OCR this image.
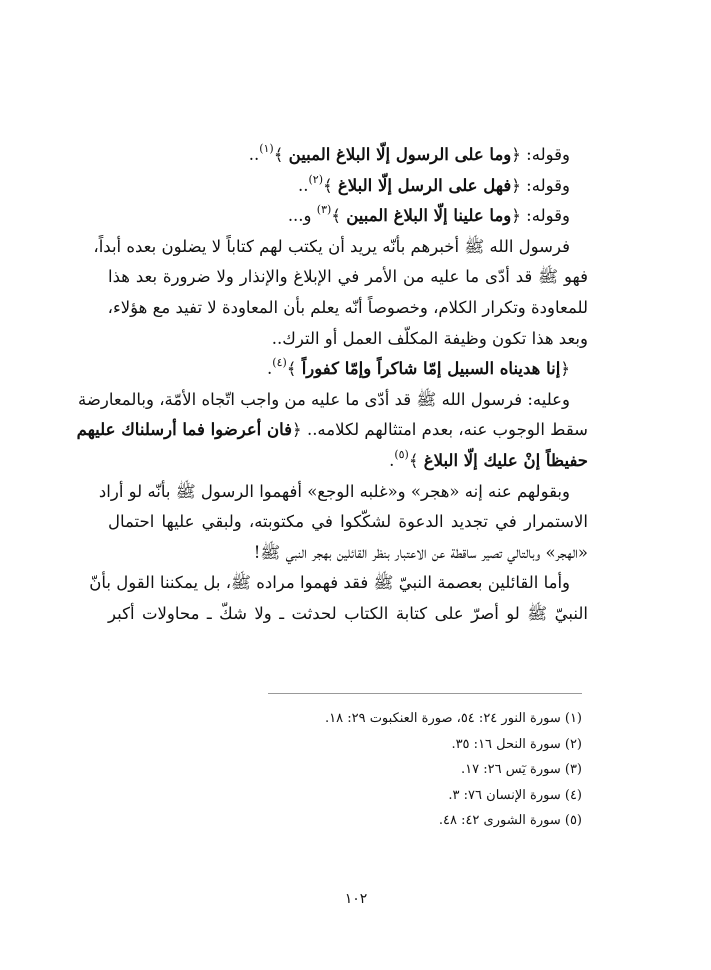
وقوله: ﴿وما على الرسول إلّا البلاغ المبين ﴾$^{(١)}$..
وقوله: ﴿فهل على الرسل إلّا البلاغ ﴾$^{(٢)}$..
وقوله: ﴿وما علينا إلّا البلاغ المبين ﴾$^{(٣)}$ و...
فرسول الله ﷺ أخبرهم بأنّه يريد أن يكتب لهم كتاباً لا يضلون بعده أبداً،
فهو ﷺ قد أدّى ما عليه من الأمر في الإبلاغ والإنذار ولا ضرورة بعد هذا
للمعاودة وتكرار الكلام، وخصوصاً أنّه يعلم بأن المعاودة لا تفيد مع هؤلاء،
وبعد هذا تكون وظيفة المكلّف العمل أو الترك..
﴿إنا هديناه السبيل إمّا شاكراً وإمّا كفوراً ﴾$^{(٤)}$.
وعليه: فرسول الله ﷺ قد أدّى ما عليه من واجب اتّجاه الأمّة، وبالمعارضة
سقط الوجوب عنه، بعدم امتثالهم لكلامه.. ﴿فان أعرضوا فما أرسلناك عليهم
حفيظاً إنْ عليك إلّا البلاغ ﴾$^{(٥)}$.
وبقولهم عنه إنه «هجر» و«غلبه الوجع» أفهموا الرسول ﷺ بأنّه لو أراد
الاستمرار في تجديد الدعوة لشكّكوا في مكتوبته، ولبقي عليها احتمال
«الهجر» وبالتالي تصير ساقطة عن الاعتبار بنظر القائلين بهجر النبي ﷺ!
وأما القائلين بعصمة النبيّ ﷺ فقد فهموا مراده ﷺ، بل يمكننا القول بأنّ
النبيّ ﷺ لو أصرّ على كتابة الكتاب لحدثت ـ ولا شكّ ـ محاولات أكبر
(١) سورة النور ٢٤: ٥٤، صورة العنكبوت ٢٩: ١٨.
(٢) سورة النحل ١٦: ٣٥.
(٣) سورة يٓس ٢٦: ١٧.
(٤) سورة الإنسان ٧٦: ٣.
(٥) سورة الشورى ٤٢: ٤٨.
١٠٢
